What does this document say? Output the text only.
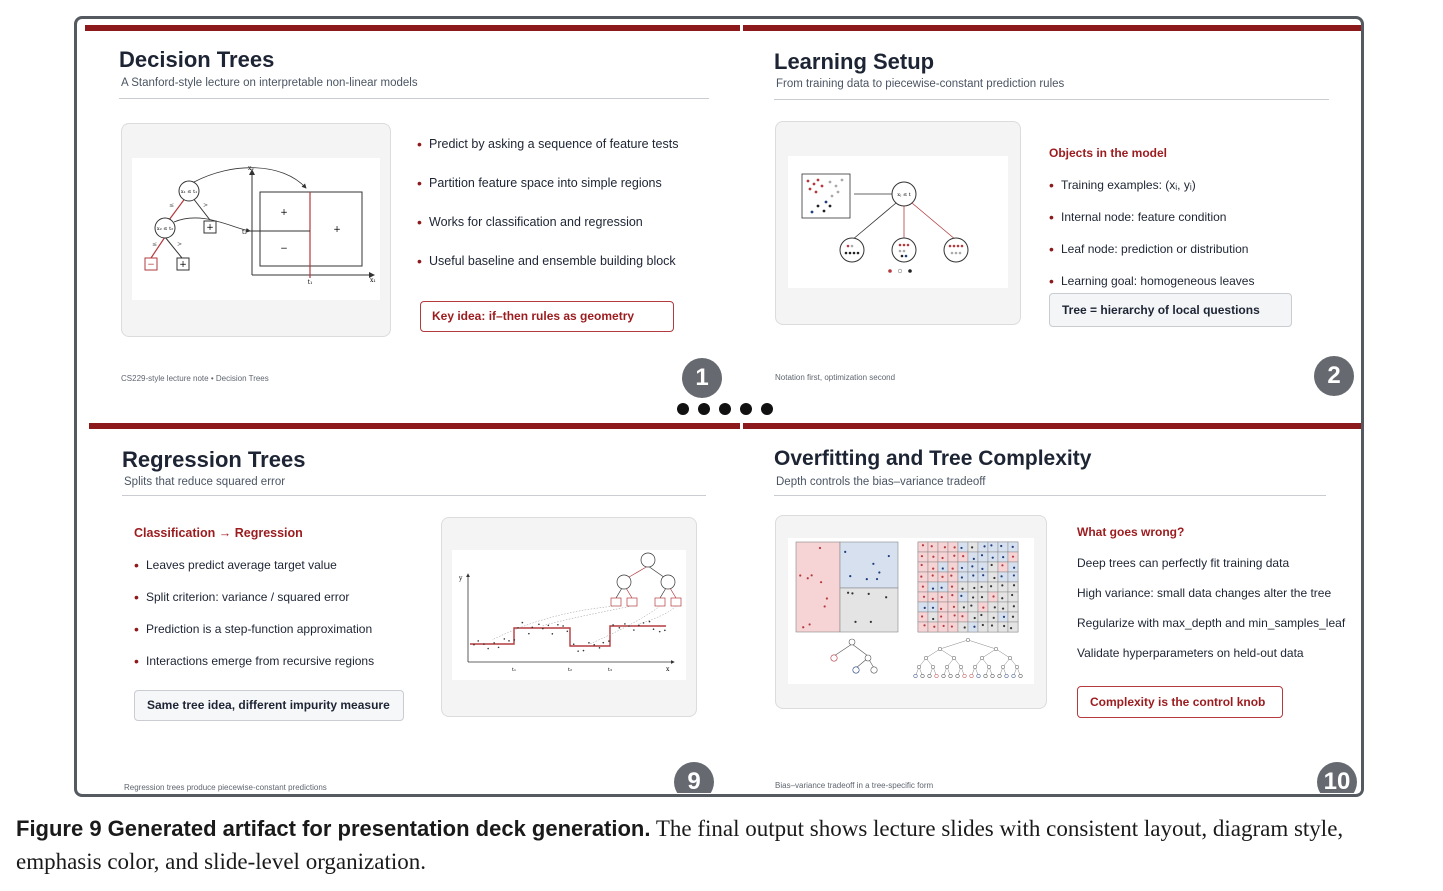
Decision Trees
A Stanford-style lecture on interpretable non-linear models
x₁ ≤ t₁
x₂ ≤ t₂
≤	>
≤	>
+
−	+
x₂
x₁
t₁
t₂
+
−
+
• Predict by asking a sequence of feature tests
• Partition feature space into simple regions
• Works for classification and regression
• Useful baseline and ensemble building block
Key idea: if–then rules as geometry
CS229-style lecture note • Decision Trees	1
Learning Setup
From training data to piecewise-constant prediction rules
xⱼ ≤ t
Objects in the model
• Training examples: (xᵢ, yᵢ)
• Internal node: feature condition
• Leaf node: prediction or distribution
• Learning goal: homogeneous leaves
Tree = hierarchy of local questions
Notation first, optimization second	2
Regression Trees
Splits that reduce squared error
Classification → Regression
• Leaves predict average target value
• Split criterion: variance / squared error
• Prediction is a step-function approximation
• Interactions emerge from recursive regions
Same tree idea, different impurity measure
y
x
t₁	t₂	t₃
Regression trees produce piecewise-constant predictions	9
Overfitting and Tree Complexity
Depth controls the bias–variance tradeoff
What goes wrong?
Deep trees can perfectly fit training data
High variance: small data changes alter the tree
Regularize with max_depth and min_samples_leaf
Validate hyperparameters on held-out data
Complexity is the control knob
Bias–variance tradeoff in a tree-specific form	10
Figure 9 Generated artifact for presentation deck generation. The final output shows lecture slides with consistent layout, diagram style, emphasis color, and slide-level organization.
